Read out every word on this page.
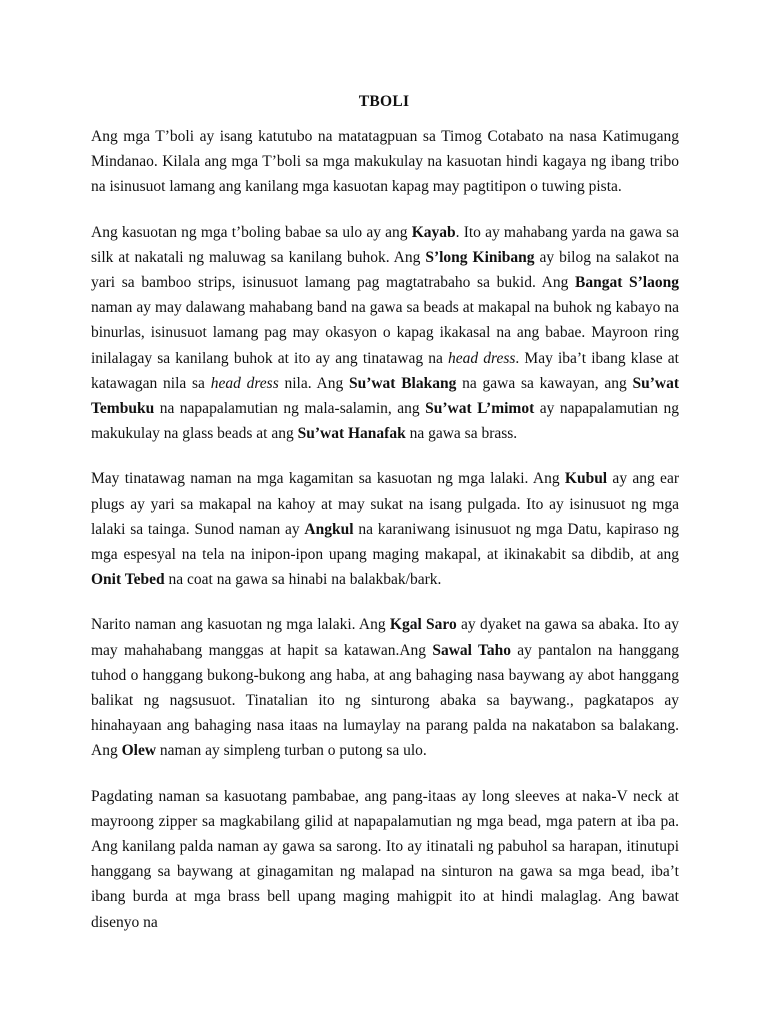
TBOLI

Ang mga T’boli ay isang katutubo na matatagpuan sa Timog Cotabato na nasa Katimugang Mindanao. Kilala ang mga T’boli sa mga makukulay na kasuotan hindi kagaya ng ibang tribo na isinusuot lamang ang kanilang mga kasuotan kapag may pagtitipon o tuwing pista.

Ang kasuotan ng mga t’boling babae sa ulo ay ang Kayab. Ito ay mahabang yarda na gawa sa silk at nakatali ng maluwag sa kanilang buhok. Ang S’long Kinibang ay bilog na salakot na yari sa bamboo strips, isinusuot lamang pag magtatrabaho sa bukid. Ang Bangat S’laong naman ay may dalawang mahabang band na gawa sa beads at makapal na buhok ng kabayo na binurlas, isinusuot lamang pag may okasyon o kapag ikakasal na ang babae. Mayroon ring inilalagay sa kanilang buhok at ito ay ang tinatawag na head dress. May iba’t ibang klase at katawagan nila sa head dress nila. Ang Su’wat Blakang na gawa sa kawayan, ang Su’wat Tembuku na napapalamutian ng mala-salamin, ang Su’wat L’mimot ay napapalamutian ng makukulay na glass beads at ang Su’wat Hanafak na gawa sa brass.

May tinatawag naman na mga kagamitan sa kasuotan ng mga lalaki. Ang Kubul ay ang ear plugs ay yari sa makapal na kahoy at may sukat na isang pulgada. Ito ay isinusuot ng mga lalaki sa tainga. Sunod naman ay Angkul na karaniwang isinusuot ng mga Datu, kapiraso ng mga espesyal na tela na inipon-ipon upang maging makapal, at ikinakabit sa dibdib, at ang Onit Tebed na coat na gawa sa hinabi na balakbak/bark.

Narito naman ang kasuotan ng mga lalaki. Ang Kgal Saro ay dyaket na gawa sa abaka. Ito ay may mahahabang manggas at hapit sa katawan.Ang Sawal Taho ay pantalon na hanggang tuhod o hanggang bukong-bukong ang haba, at ang bahaging nasa baywang ay abot hanggang balikat ng nagsusuot. Tinatalian ito ng sinturong abaka sa baywang., pagkatapos ay hinahayaan ang bahaging nasa itaas na lumaylay na parang palda na nakatabon sa balakang. Ang Olew naman ay simpleng turban o putong sa ulo.

Pagdating naman sa kasuotang pambabae, ang pang-itaas ay long sleeves at naka-V neck at mayroong zipper sa magkabilang gilid at napapalamutian ng mga bead, mga patern at iba pa. Ang kanilang palda naman ay gawa sa sarong. Ito ay itinatali ng pabuhol sa harapan, itinutupi hanggang sa baywang at ginagamitan ng malapad na sinturon na gawa sa mga bead, iba’t ibang burda at mga brass bell upang maging mahigpit ito at hindi malaglag. Ang bawat disenyo na
